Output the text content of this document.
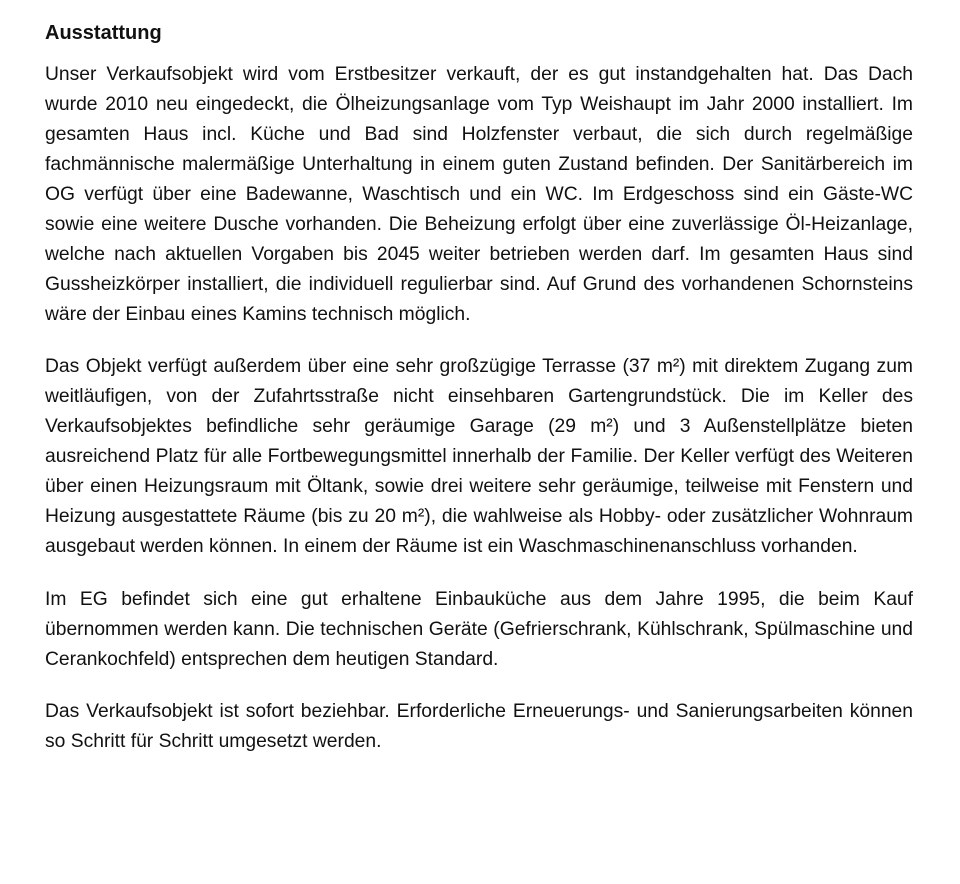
Ausstattung

Unser Verkaufsobjekt wird vom Erstbesitzer verkauft, der es gut instandgehalten hat. Das Dach wurde 2010 neu eingedeckt, die Ölheizungsanlage vom Typ Weishaupt im Jahr 2000 installiert. Im gesamten Haus incl. Küche und Bad sind Holzfenster verbaut, die sich durch regelmäßige fachmännische malermäßige Unterhaltung in einem guten Zustand befinden. Der Sanitärbereich im OG verfügt über eine Badewanne, Waschtisch und ein WC. Im Erdgeschoss sind ein Gäste-WC sowie eine weitere Dusche vorhanden. Die Beheizung erfolgt über eine zuverlässige Öl-Heizanlage, welche nach aktuellen Vorgaben bis 2045 weiter betrieben werden darf. Im gesamten Haus sind Gussheizkörper installiert, die individuell regulierbar sind. Auf Grund des vorhandenen Schornsteins wäre der Einbau eines Kamins technisch möglich.

Das Objekt verfügt außerdem über eine sehr großzügige Terrasse (37 m²) mit direktem Zugang zum weitläufigen, von der Zufahrtsstraße nicht einsehbaren Gartengrundstück. Die im Keller des Verkaufsobjektes befindliche sehr geräumige Garage (29 m²) und 3 Außenstellplätze bieten ausreichend Platz für alle Fortbewegungsmittel innerhalb der Familie. Der Keller verfügt des Weiteren über einen Heizungsraum mit Öltank, sowie drei weitere sehr geräumige, teilweise mit Fenstern und Heizung ausgestattete Räume (bis zu 20 m²), die wahlweise als Hobby- oder zusätzlicher Wohnraum ausgebaut werden können. In einem der Räume ist ein Waschmaschinenanschluss vorhanden.

Im EG befindet sich eine gut erhaltene Einbauküche aus dem Jahre 1995, die beim Kauf übernommen werden kann. Die technischen Geräte (Gefrierschrank, Kühlschrank, Spülmaschine und Cerankochfeld) entsprechen dem heutigen Standard.

Das Verkaufsobjekt ist sofort beziehbar. Erforderliche Erneuerungs- und Sanierungsarbeiten können so Schritt für Schritt umgesetzt werden.
